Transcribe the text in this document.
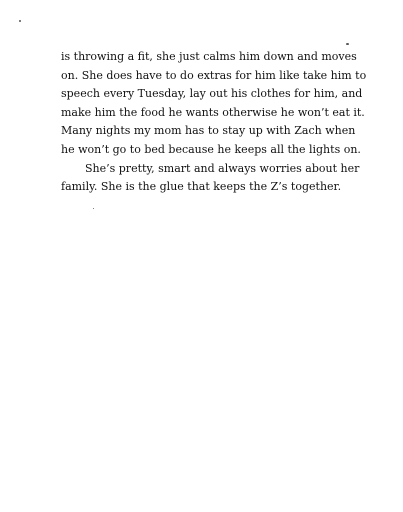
is throwing a fit, she just calms him down and moves
on. She does have to do extras for him like take him to
speech every Tuesday, lay out his clothes for him, and
make him the food he wants otherwise he won’t eat it.
Many nights my mom has to stay up with Zach when
he won’t go to bed because he keeps all the lights on.
She’s pretty, smart and always worries about her
family. She is the glue that keeps the Z’s together.
